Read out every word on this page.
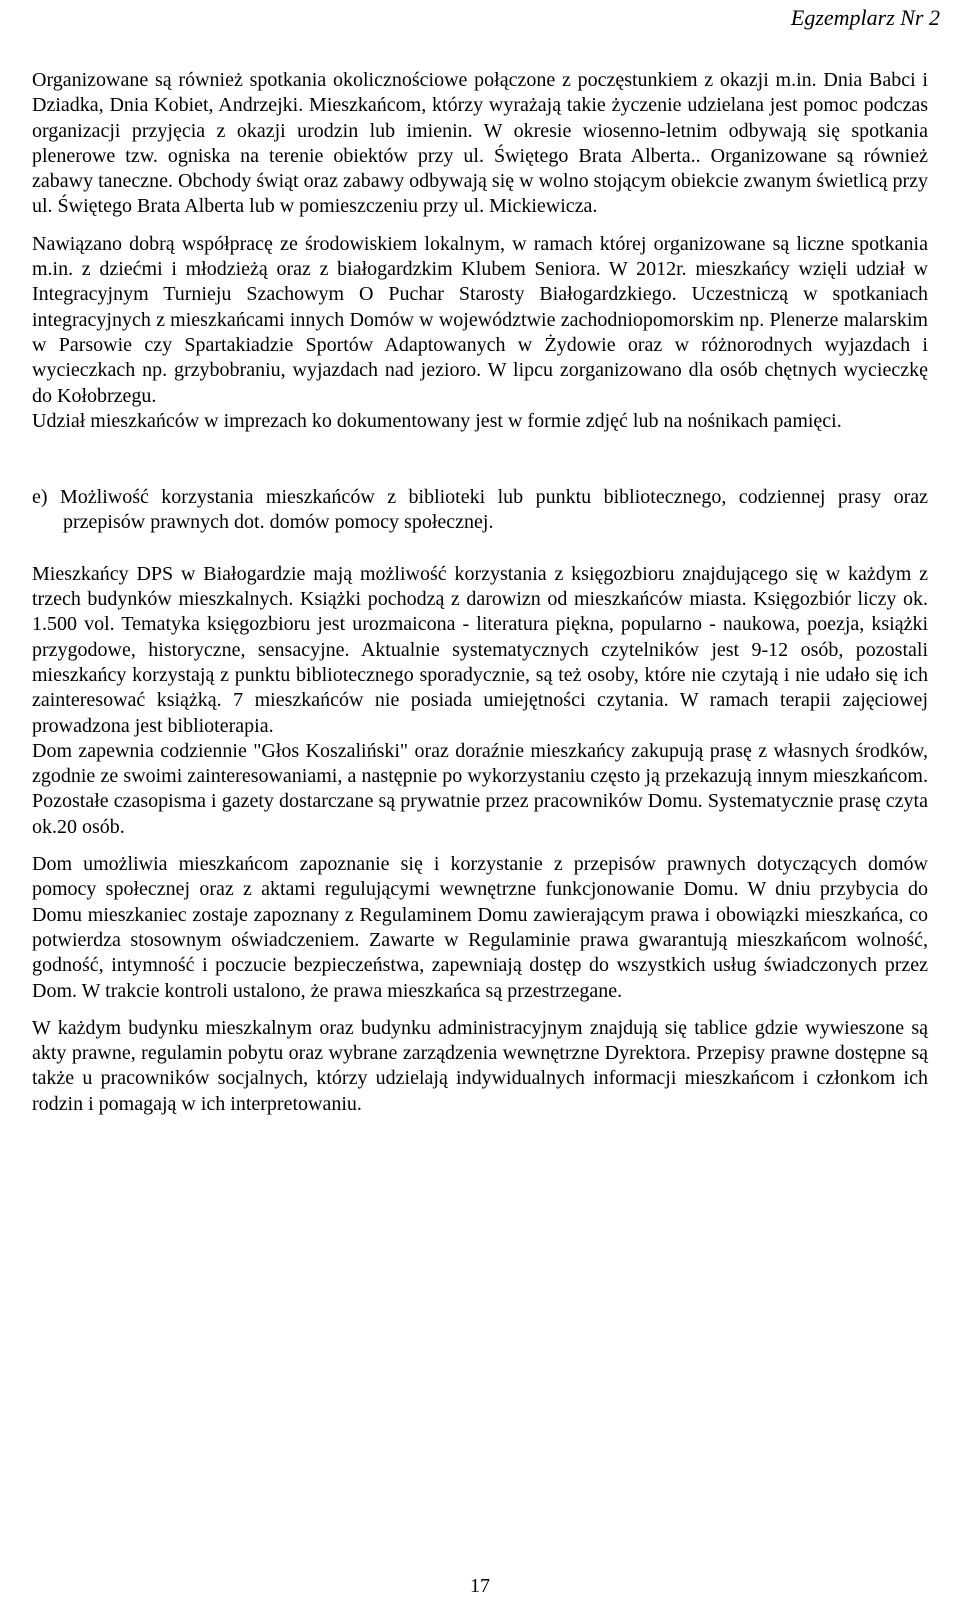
Egzemplarz Nr 2

Organizowane są również spotkania okolicznościowe połączone z poczęstunkiem z okazji m.in. Dnia Babci i Dziadka, Dnia Kobiet, Andrzejki. Mieszkańcom, którzy wyrażają takie życzenie udzielana jest pomoc podczas organizacji przyjęcia z okazji urodzin lub imienin. W okresie wiosenno-letnim odbywają się spotkania plenerowe tzw. ogniska na terenie obiektów przy ul. Świętego Brata Alberta.. Organizowane są również zabawy taneczne. Obchody świąt oraz zabawy odbywają się w wolno stojącym obiekcie zwanym świetlicą przy ul. Świętego Brata Alberta lub w pomieszczeniu przy ul. Mickiewicza.

Nawiązano dobrą współpracę ze środowiskiem lokalnym, w ramach której organizowane są liczne spotkania m.in. z dziećmi i młodzieżą oraz z białogardzkim Klubem Seniora. W 2012r. mieszkańcy wzięli udział w Integracyjnym Turnieju Szachowym O Puchar Starosty Białogardzkiego. Uczestniczą w spotkaniach integracyjnych z mieszkańcami innych Domów w województwie zachodniopomorskim np. Plenerze malarskim w Parsowie czy Spartakiadzie Sportów Adaptowanych w Żydowie oraz w różnorodnych wyjazdach i wycieczkach np. grzybobraniu, wyjazdach nad jezioro. W lipcu zorganizowano dla osób chętnych wycieczkę do Kołobrzegu.

Udział mieszkańców w imprezach ko dokumentowany jest w formie zdjęć lub na nośnikach pamięci.

e) Możliwość korzystania mieszkańców z biblioteki lub punktu bibliotecznego, codziennej prasy oraz przepisów prawnych dot. domów pomocy społecznej.

Mieszkańcy DPS w Białogardzie mają możliwość korzystania z księgozbioru znajdującego się w każdym z trzech budynków mieszkalnych. Książki pochodzą z darowizn od mieszkańców miasta. Księgozbiór liczy ok. 1.500 vol. Tematyka księgozbioru jest urozmaicona - literatura piękna, popularno - naukowa, poezja, książki przygodowe, historyczne, sensacyjne. Aktualnie systematycznych czytelników jest 9-12 osób, pozostali mieszkańcy korzystają z punktu bibliotecznego sporadycznie, są też osoby, które nie czytają i nie udało się ich zainteresować książką. 7 mieszkańców nie posiada umiejętności czytania. W ramach terapii zajęciowej prowadzona jest biblioterapia.

Dom zapewnia codziennie "Głos Koszaliński" oraz doraźnie mieszkańcy zakupują prasę z własnych środków, zgodnie ze swoimi zainteresowaniami, a następnie po wykorzystaniu często ją przekazują innym mieszkańcom. Pozostałe czasopisma i gazety dostarczane są prywatnie przez pracowników Domu. Systematycznie prasę czyta ok.20 osób.

Dom umożliwia mieszkańcom zapoznanie się i korzystanie z przepisów prawnych dotyczących domów pomocy społecznej oraz z aktami regulującymi wewnętrzne funkcjonowanie Domu. W dniu przybycia do Domu mieszkaniec zostaje zapoznany z Regulaminem Domu zawierającym prawa i obowiązki mieszkańca, co potwierdza stosownym oświadczeniem. Zawarte w Regulaminie prawa gwarantują mieszkańcom wolność, godność, intymność i poczucie bezpieczeństwa, zapewniają dostęp do wszystkich usług świadczonych przez Dom. W trakcie kontroli ustalono, że prawa mieszkańca są przestrzegane.

W każdym budynku mieszkalnym oraz budynku administracyjnym znajdują się tablice gdzie wywieszone są akty prawne, regulamin pobytu oraz wybrane zarządzenia wewnętrzne Dyrektora. Przepisy prawne dostępne są także u pracowników socjalnych, którzy udzielają indywidualnych informacji mieszkańcom i członkom ich rodzin i pomagają w ich interpretowaniu.

17
